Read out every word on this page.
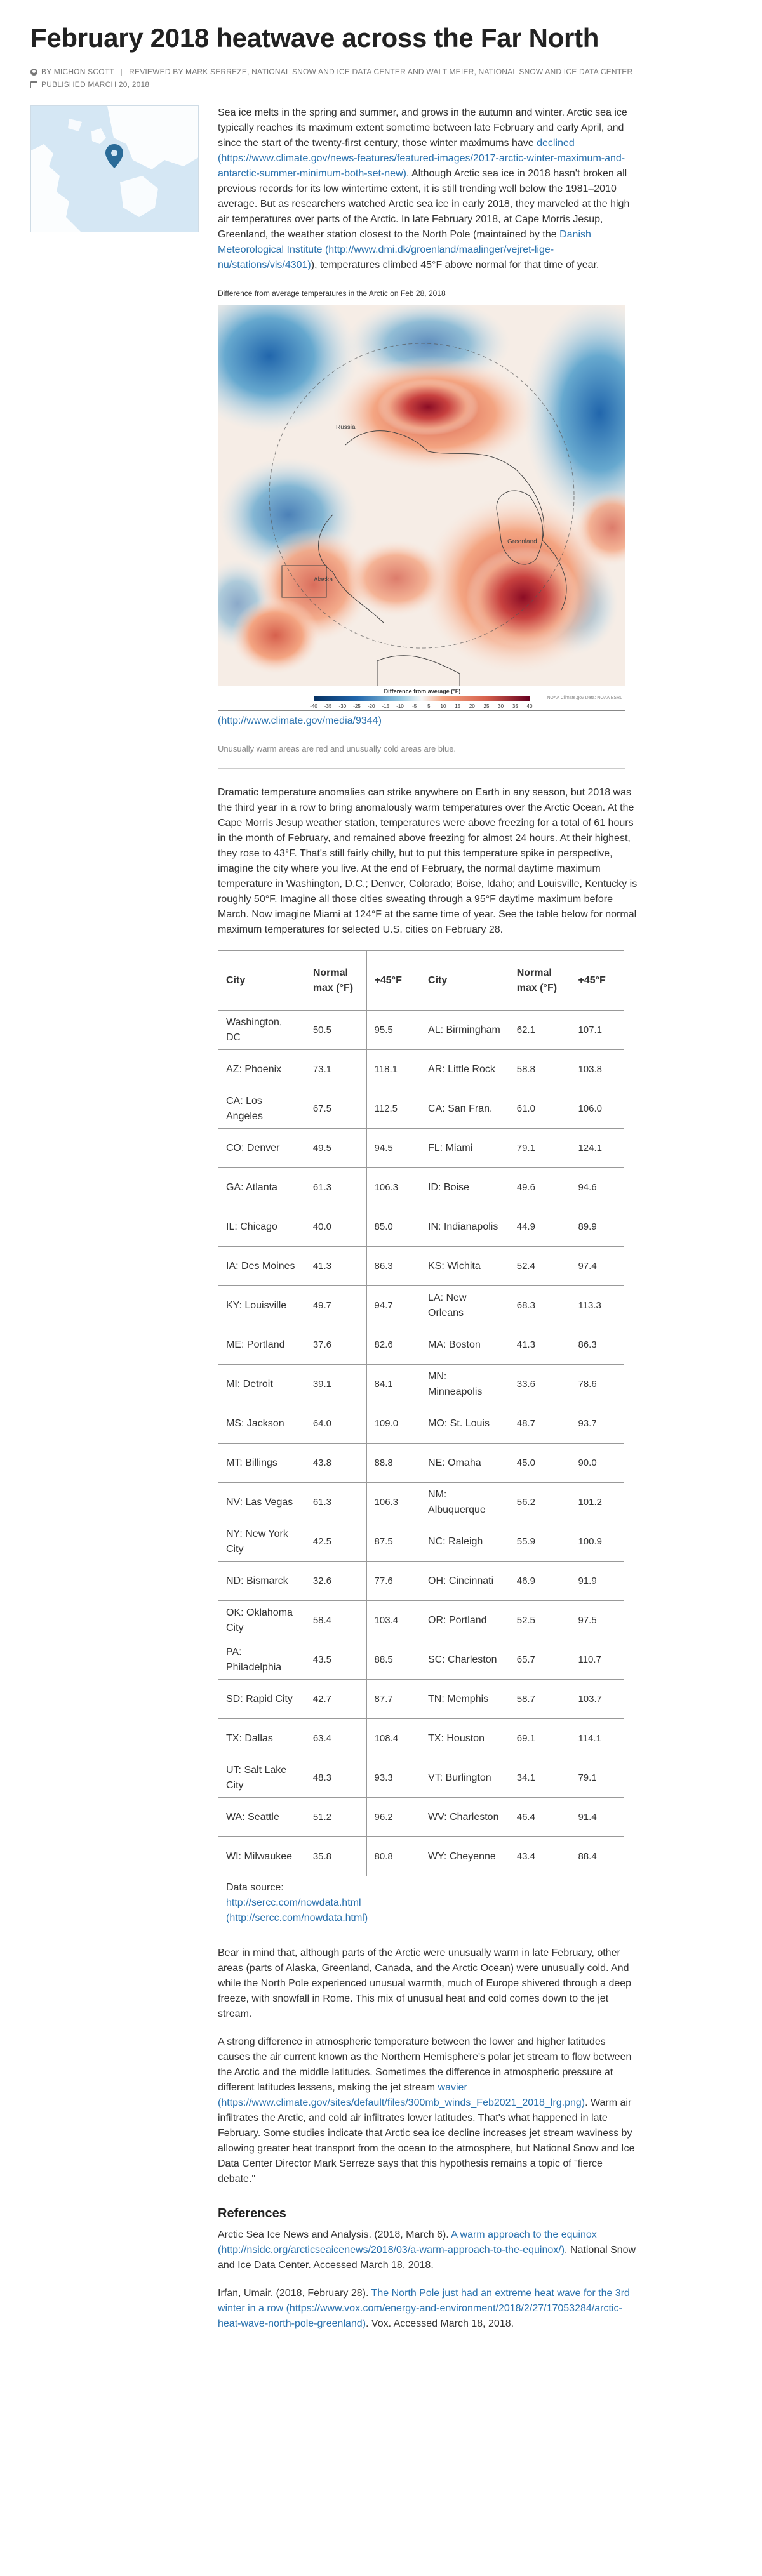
February 2018 heatwave across the Far North
BY MICHON SCOTT | REVIEWED BY MARK SERREZE, NATIONAL SNOW AND ICE DATA CENTER AND WALT MEIER, NATIONAL SNOW AND ICE DATA CENTER
PUBLISHED MARCH 20, 2018

Sea ice melts in the spring and summer, and grows in the autumn and winter. Arctic sea ice typically reaches its maximum extent sometime between late February and early April, and since the start of the twenty-first century, those winter maximums have declined (https://www.climate.gov/news-features/featured-images/2017-arctic-winter-maximum-and-antarctic-summer-minimum-both-set-new). Although Arctic sea ice in 2018 hasn't broken all previous records for its low wintertime extent, it is still trending well below the 1981–2010 average. But as researchers watched Arctic sea ice in early 2018, they marveled at the high air temperatures over parts of the Arctic. In late February 2018, at Cape Morris Jesup, Greenland, the weather station closest to the North Pole (maintained by the Danish Meteorological Institute (http://www.dmi.dk/groenland/maalinger/vejret-lige-nu/stations/vis/4301)), temperatures climbed 45°F above normal for that time of year.

Difference from average temperatures in the Arctic on Feb 28, 2018
Russia
Greenland
Alaska
Difference from average (°F)
-40 -35 -30 -25 -20 -15 -10 -5 5 10 15 20 25 30 35 40
NOAA Climate.gov Data: NOAA ESRL
(http://www.climate.gov/media/9344)
Unusually warm areas are red and unusually cold areas are blue.

Dramatic temperature anomalies can strike anywhere on Earth in any season, but 2018 was the third year in a row to bring anomalously warm temperatures over the Arctic Ocean. At the Cape Morris Jesup weather station, temperatures were above freezing for a total of 61 hours in the month of February, and remained above freezing for almost 24 hours. At their highest, they rose to 43°F. That's still fairly chilly, but to put this temperature spike in perspective, imagine the city where you live. At the end of February, the normal daytime maximum temperature in Washington, D.C.; Denver, Colorado; Boise, Idaho; and Louisville, Kentucky is roughly 50°F. Imagine all those cities sweating through a 95°F daytime maximum before March. Now imagine Miami at 124°F at the same time of year. See the table below for normal maximum temperatures for selected U.S. cities on February 28.

City	Normal max (°F)	+45°F	City	Normal max (°F)	+45°F
Washington, DC	50.5	95.5	AL: Birmingham	62.1	107.1
AZ: Phoenix	73.1	118.1	AR: Little Rock	58.8	103.8
CA: Los Angeles	67.5	112.5	CA: San Fran.	61.0	106.0
CO: Denver	49.5	94.5	FL: Miami	79.1	124.1
GA: Atlanta	61.3	106.3	ID: Boise	49.6	94.6
IL: Chicago	40.0	85.0	IN: Indianapolis	44.9	89.9
IA: Des Moines	41.3	86.3	KS: Wichita	52.4	97.4
KY: Louisville	49.7	94.7	LA: New Orleans	68.3	113.3
ME: Portland	37.6	82.6	MA: Boston	41.3	86.3
MI: Detroit	39.1	84.1	MN: Minneapolis	33.6	78.6
MS: Jackson	64.0	109.0	MO: St. Louis	48.7	93.7
MT: Billings	43.8	88.8	NE: Omaha	45.0	90.0
NV: Las Vegas	61.3	106.3	NM: Albuquerque	56.2	101.2
NY: New York City	42.5	87.5	NC: Raleigh	55.9	100.9
ND: Bismarck	32.6	77.6	OH: Cincinnati	46.9	91.9
OK: Oklahoma City	58.4	103.4	OR: Portland	52.5	97.5
PA: Philadelphia	43.5	88.5	SC: Charleston	65.7	110.7
SD: Rapid City	42.7	87.7	TN: Memphis	58.7	103.7
TX: Dallas	63.4	108.4	TX: Houston	69.1	114.1
UT: Salt Lake City	48.3	93.3	VT: Burlington	34.1	79.1
WA: Seattle	51.2	96.2	WV: Charleston	46.4	91.4
WI: Milwaukee	35.8	80.8	WY: Cheyenne	43.4	88.4
Data source:
http://sercc.com/nowdata.html
(http://sercc.com/nowdata.html)					

Bear in mind that, although parts of the Arctic were unusually warm in late February, other areas (parts of Alaska, Greenland, Canada, and the Arctic Ocean) were unusually cold. And while the North Pole experienced unusual warmth, much of Europe shivered through a deep freeze, with snowfall in Rome. This mix of unusual heat and cold comes down to the jet stream.

A strong difference in atmospheric temperature between the lower and higher latitudes causes the air current known as the Northern Hemisphere's polar jet stream to flow between the Arctic and the middle latitudes. Sometimes the difference in atmospheric pressure at different latitudes lessens, making the jet stream wavier (https://www.climate.gov/sites/default/files/300mb_winds_Feb2021_2018_lrg.png). Warm air infiltrates the Arctic, and cold air infiltrates lower latitudes. That's what happened in late February. Some studies indicate that Arctic sea ice decline increases jet stream waviness by allowing greater heat transport from the ocean to the atmosphere, but National Snow and Ice Data Center Director Mark Serreze says that this hypothesis remains a topic of "fierce debate."

References

Arctic Sea Ice News and Analysis. (2018, March 6). A warm approach to the equinox (http://nsidc.org/arcticseaicenews/2018/03/a-warm-approach-to-the-equinox/). National Snow and Ice Data Center. Accessed March 18, 2018.

Irfan, Umair. (2018, February 28). The North Pole just had an extreme heat wave for the 3rd winter in a row (https://www.vox.com/energy-and-environment/2018/2/27/17053284/arctic-heat-wave-north-pole-greenland). Vox. Accessed March 18, 2018.
